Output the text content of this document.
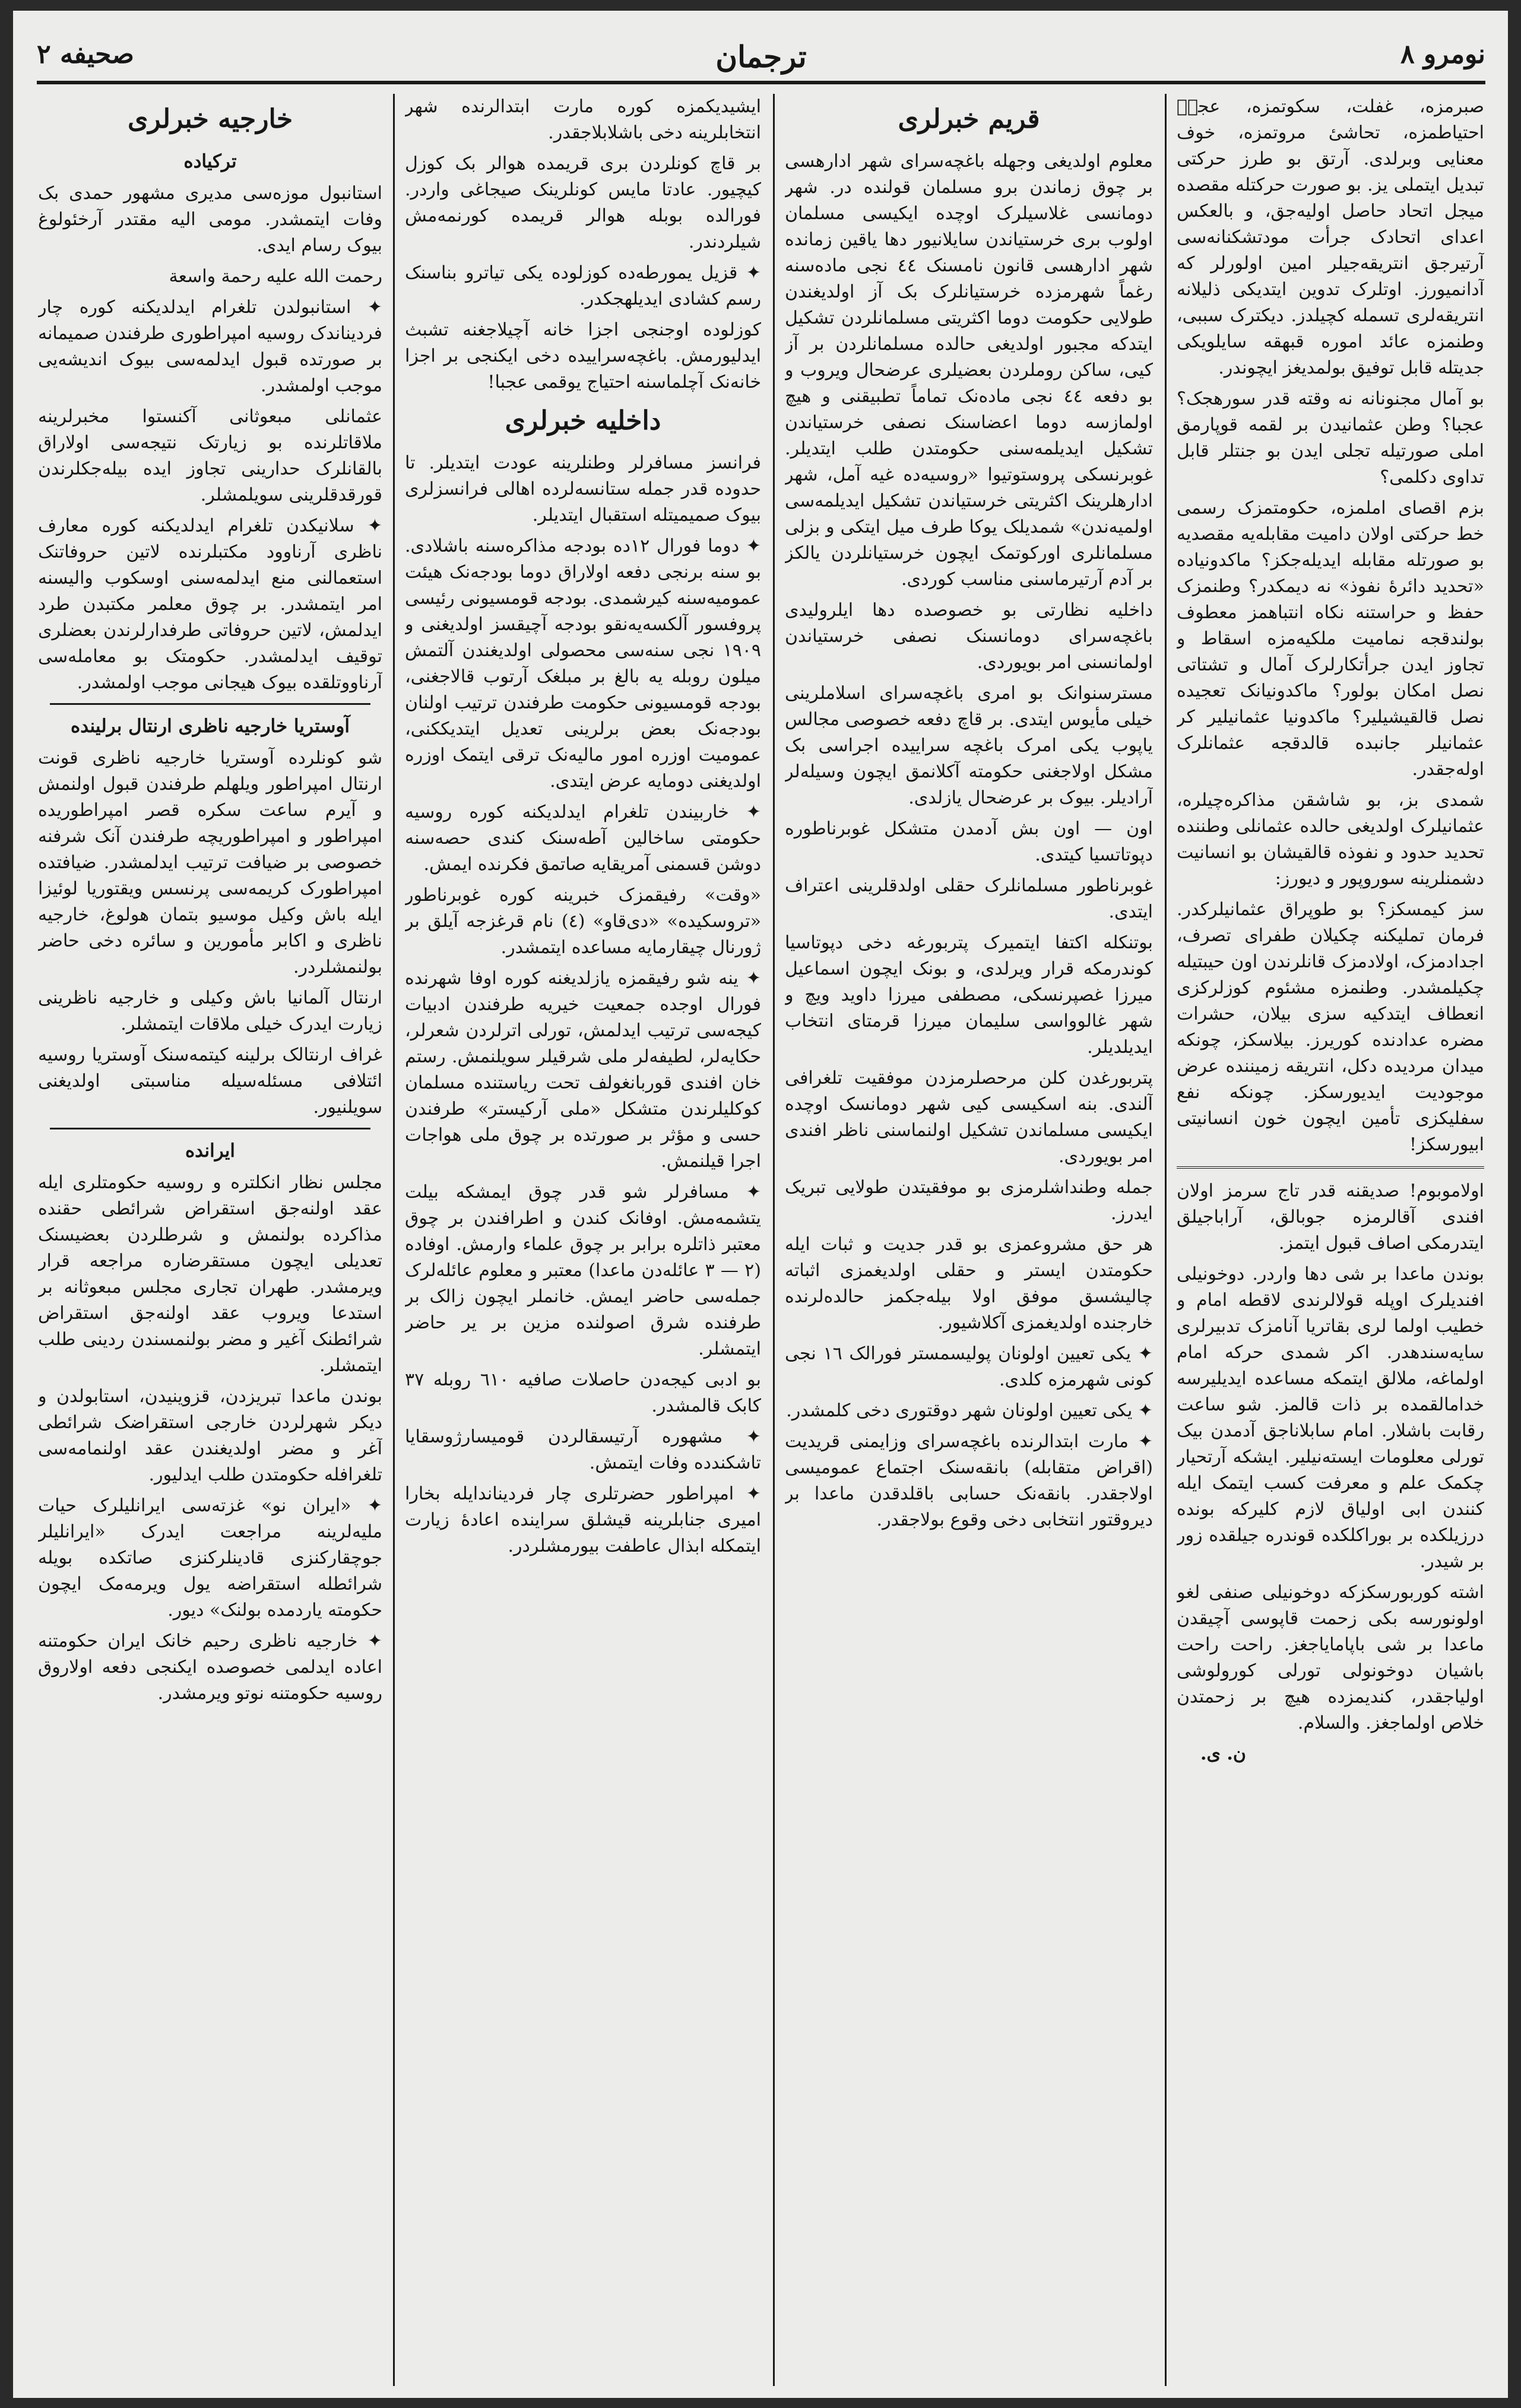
نومرو ۸
ترجمان
صحیفه ۲

صبرمزه، غفلت، سکوتمزه، عجزٖ احتیاطمزه، تحاشیٔ مروتمزه، خوف معنایی وبرلدی. آرتق بو طرز حرکتی تبدیل ایتملی یز. بو صورت حرکتله مقصده میجل اتحاد حاصل اولیه‌جق، و بالعکس اعدای اتحادک جرأت مودتشکنانه‌سی آرتیرجق انتریقه‌جیلر امین اولورلر که آدانمیورز. اوتلرک تدوین ایتدیکی ذلیلانه انتریقه‌لری تسمله کچیلدز. دیکترک سببی، وطنمزه عائد اموره قبهقه سایلویکی جدیتله قابل توفیق بولمدیغز ایچوندر.

بو آمال مجنونانه نه وقته قدر سورهجک؟ عجبا؟ وطن عثمانیدن بر لقمه قوپارمق املی صورتیله تجلی ایدن بو جنتلر قابل تداوی دکلمی؟

بزم اقصای املمزه، حکومتمزک رسمی خط حرکتی اولان دامیت مقابله‌یه مقصدیه بو صورتله مقابله ایدیله‌جکز؟ ماکدونیاده «تحدید دائرهٔ نفوذ» نه دیمکدر؟ وطنمزک حفظ و حراستنه نکاه انتباهمز معطوف بولندقجه نمامیت ملکیه‌مزه اسقاط و تجاوز ایدن جرأتکارلرک آمال و تشتاتی نصل امکان بولور؟ ماکدونیانک تعجیده نصل قالقیشیلیر؟ ماکدونیا عثمانیلیر کر عثمانیلر جانبده قالدقجه عثمانلرک اوله‌جقدر.

شمدی بز، بو شاشقن مذاکره‌چیلره، عثمانیلرک اولدیغی حالده عثمانلی وطننده تحدید حدود و نفوذه قالقیشان بو انسانیت دشمنلرینه سوروپور و دیورز:

سز کیمسکز؟ بو طوپراق عثمانیلرکدر. فرمان تملیکنه چکیلان طفرای تصرف، اجدادمزک، اولادمزک قانلرندن اون حیبتیله چکیلمشدر. وطنمزه مشئوم کوزلرکزی انعطاف ایتدکیه سزی بیلان، حشرات مضره عدادنده کوریرز. بیلاسکز، چونکه میدان مردیده دکل، انتریقه زمیننده عرض موجودیت ایدیورسکز. چونکه نفع سفلیکزی تأمین ایچون خون انسانیتی ابیورسکز!

اولاموبوم! صدیقنه قدر تاج سرمز اولان افندی آقالرمزه جوبالق، آراباجیلق ایتدرمکی اصاف قبول ایتمز.

بوندن ماعدا بر شی دها واردر. دوخونیلی افندیلرک اوپله قولالرندی لاقطه امام و خطیب اولما لری بقاتریا آنامزک تدبیرلری سایه‌سندهدر. اکر شمدی حرکه امام اولماغه، ملالق ایتمکه مساعده ایدیلیرسه خدامالقمده بر ذات قالمز. شو ساعت رقابت باشلار. امام سابلاناجق آدمدن بیک تورلی معلومات ایسته‌نیلیر. ایشکه آرتحیار چکمک علم و معرفت کسب ایتمک ایله کنندن ابی اولیاق لازم کلیرکه بونده درزیلکده بر بوراکلکده قوندره جیلقده زور بر شیدر.

اشته کوربورسکزکه دوخونیلی صنفی لغو اولونورسه بکی زحمت قاپوسی آچیقدن ماعدا بر شی باپامایاجغز. راحت راحت باشیان دوخونولی تورلی کورولوشی اولیاجقدر، کندیمزده هیچ بر زحمتدن خلاص اولماجغز. والسلام.

ن. ی.
قریم خبرلری

معلوم اولدیغی وجهله باغچه‌سرای شهر ادارهسی بر چوق زماندن برو مسلمان قولنده در. شهر دومانسی غلاسیلرک اوچده ایکیسی مسلمان اولوب بری خرستیاندن سایلانیور دها یاقین زمانده شهر ادارهسی قانون نامسنک ٤٤ نجی ماده‌سنه رغماً شهرمزده خرستیانلرک بک آز اولدیغندن طولایی حکومت دوما اکثریتی مسلمانلردن تشکیل ایتدکه مجبور اولدیغی حالده مسلمانلردن بر آز کیی، ساکن روملردن بعضیلری عرضحال ویروب و بو دفعه ٤٤ نجی ماده‌نک تماماً تطبیقنی و هیچ اولمازسه دوما اعضاسنک نصفی خرستیاندن تشکیل ایدیلمه‌سنی حکومتدن طلب ایتدیلر. غوبرنسکی پروستوتیوا «روسیه‌ده غیه‌ آمل، شهر ادارهلرینک اکثریتی خرستیاندن تشکیل ایدیلمه‌سی اولمیه‌ندن» شمدیلک یوکا طرف میل ایتکی و بزلی مسلمانلری اورکوتمک ایچون خرستیانلردن یالکز بر آدم آرتیرماسنی مناسب کوردی.

داخلیه نظارتی بو خصوصده دها ایلرولیدی باغچه‌سرای دومانسنک نصفی خرستیاندن اولمانسنی امر بویوردی.

مسترسنوانک بو امری باغچه‌سرای اسلاملرینی خیلی مأیوس ایتدی. بر قاچ دفعه خصوصی مجالس یاپوب یکی امرک باغچه سراییده اجراسی بک مشکل اولاجغنی حکومته آکلانمق ایچون وسیله‌لر آرادیلر. بیوک بر عرضحال یازلدی.

اون — اون بش آدمدن متشکل غوبرناطوره دپوتاتسیا کیتدی.

غوبرناطور مسلمانلرک حقلی اولدقلرینی اعتراف ایتدی.

بوتنکله اکتفا ایتمیرک پتربورغه دخی دپوتاسیا کوندرمکه قرار ویرلدی، و بونک ایچون اسماعیل میرزا غصپرنسکی، مصطفی میرزا داوید ویچ و شهر غالوواسی سلیمان میرزا قرمتای انتخاب ایدیلدیلر.

پتربورغدن کلن مرحصلرمزدن موفقیت تلغرافی آلندی. بنه اسکیسی کیی شهر دومانسک اوچده ایکیسی مسلماندن تشکیل اولنماسنی ناظر افندی امر بویوردی.

جمله وطنداشلرمزی بو موفقیتدن طولایی تبریک ایدرز.

هر حق مشروعمزی بو قدر جدیت و ثبات ایله حکومتدن ایستر و حقلی اولدیغمزی اثباته چالیشسق موفق اولا بیله‌جکمز حالده‌لرنده خارجنده اولدیغمزی آکلاشیور.

✦ یکی تعیین اولونان پولیسمستر فورالک ١٦ نجی کونی شهرمزه کلدی.

✦ یکی تعیین اولونان شهر دوقتوری دخی کلمشدر.

✦ مارت ابتدالرنده باغچه‌سرای وزایمنی قریدیت (اقراض متقابله) بانقه‌سنک اجتماع عمومیسی اولاجقدر. بانقه‌نک حسابی باقلدقدن ماعدا بر دیروقتور انتخابی دخی وقوع بولاجقدر.

ایشیدیکمزه کوره مارت ابتدالرنده شهر انتخابلرینه دخی باشلابلاجقدر.

بر قاچ کونلردن بری قریمده هوالر بک کوزل کیچیور. عادتا مایس کونلرینک صیجاغی واردر. فورالده بوبله هوالر قریمده کورنمه‌مش شیلردندر.

✦ قزیل یمورطه‌ده کوزلوده یکی تیاترو بناسنک رسم کشادی ایدیلهجکدر.

کوزلوده اوجنجی اجزا خانه آچیلاجغنه تشبث ایدلیورمش. باغچه‌سراییده دخی ایکنجی بر اجزا خانه‌نک آچلماسنه احتیاج یوقمی عجبا!

داخلیه خبرلری

فرانسز مسافرلر وطنلرینه عودت ایتدیلر. تا حدوده قدر جمله ستانسه‌لرده اهالی فرانسزلری بیوک صمیمیتله استقبال ایتدیلر.

✦ دوما فورال ١٢ده بودجه مذاکره‌سنه باشلادی. بو سنه برنجی دفعه اولاراق دوما بودجه‌نک هیئت عمومیه‌سنه کیرشمدی. بودجه قومسیونی رئیسی پروفسور آلکسه‌یه‌نقو بودجه آچیقسز اولدیغنی و ١٩٠٩ نجی سنه‌سی محصولی اولدیغندن آلتمش میلون روبله یه بالغ بر مبلغک آرتوب قالاجغنی، بودجه قومسیونی حکومت طرفندن ترتیب اولنان بودجه‌نک بعض برلرینی تعدیل ایتدیککنی، عمومیت اوزره امور مالیه‌نک ترقی ایتمک اوزره اولدیغنی دومایه عرض ایتدی.

✦ خاربیندن تلغرام ایدلدیکنه کوره روسیه حکومتی ساخالین آطه‌سنک کندی حصه‌سنه دوشن قسمنی آمریقایه صاتمق فکرنده ایمش.

«وقت» رفیقمزک خبرینه کوره غوبرناطور «تروسکیده» «دی‌قاو» (٤) نام قرغزجه آیلق بر ژورنال چیقارمایه مساعده ایتمشدر.

✦ ینه شو رفیقمزه یازلدیغنه کوره اوفا شهرنده فورال اوجده جمعیت خیریه طرفندن ادبیات کیجه‌سی ترتیب ایدلمش، تورلی اترلردن شعرلر، حکایه‌لر، لطیفه‌لر ملی شرقیلر سویلنمش. رستم خان افندی قوربانغولف تحت ریاستنده مسلمان کوکلیلرندن متشکل «ملی آرکیستر» طرفندن حسی و مؤثر بر صورتده بر چوق ملی هواجات اجرا قیلنمش.

✦ مسافرلر شو قدر چوق ایمشکه بیلت یتشمه‌مش. اوفانک کندن و اطرافندن بر چوق معتبر ذاتلره برابر بر چوق علماء وارمش. اوفاده (٢ — ٣ عائله‌دن ماعدا) معتبر و معلوم عائله‌لرک جمله‌سی حاضر ایمش. خانملر ایچون زالک بر طرفنده شرق اصولنده مزین بر یر حاضر ایتمشلر.

بو ادبی کیجه‌دن حاصلات صافیه ٦١٠ روبله ٣٧ کابک قالمشدر.

✦ مشهوره آرتیسقالردن قومیسارژوسقایا تاشکندده وفات ایتمش.

✦ امپراطور حضرتلری چار فردیناندایله بخارا امیری جنابلرینه قیشلق سراینده اعادهٔ زیارت ایتمکله ابذال عاطفت بیورمشلردر.

خارجیه خبرلری
ترکیاده

استانبول موزه‌سی مدیری مشهور حمدی بک وفات ایتمشدر. مومی الیه مقتدر آرخئولوغ بیوک رسام ایدی.

رحمت الله علیه رحمة واسعة

✦ استانبولدن تلغرام ایدلدیکنه کوره چار فردیناندک روسیه امپراطوری طرفندن صمیمانه بر صورتده قبول ایدلمه‌سی بیوک اندیشه‌یی موجب اولمشدر.

عثمانلی مبعوثانی آکنستوا مخبرلرینه ملاقاتلرنده بو زیارتک نتیجه‌سی اولاراق بالقانلرک حدارینی تجاوز ایده بیله‌جکلرندن قورقدقلرینی سویلمشلر.

✦ سلانیکدن تلغرام ایدلدیکنه کوره معارف ناظری آرناوود مکتبلرنده لاتین حروفاتنک استعمالنی منع ایدلمه‌سنی اوسکوب والیسنه امر ایتمشدر. بر چوق معلمر مکتبدن طرد ایدلمش، لاتین حروفاتی طرفدارلرندن بعضلری توقیف ایدلمشدر. حکومتک بو معامله‌سی آرناووتلقده بیوک هیجانی موجب اولمشدر.

آوستریا خارجیه ناظری ارنتال برلینده

شو کونلرده آوستریا خارجیه ناظری قونت ارنتال امپراطور ویلهلم طرفندن قبول اولنمش و آیرم ساعت سکره قصر امپراطوریده امپراطور و امپراطوریچه طرفندن آنک شرفنه خصوصی بر ضیافت ترتیب ایدلمشدر. ضیافتده امپراطورک کریمه‌سی پرنسس ویقتوریا لوئیزا ایله باش وکیل موسیو بتمان هولوغ، خارجیه ناظری و اکابر مأمورین و سائره دخی حاضر بولنمشلردر.

ارنتال آلمانیا باش وکیلی و خارجیه ناظرینی زیارت ایدرک خیلی ملاقات ایتمشلر.

غراف ارنتالک برلینه کیتمه‌سنک آوستریا روسیه ائتلافی مسئله‌سیله مناسبتی اولدیغنی سویلنیور.

ایرانده

مجلس نظار انکلتره و روسیه حکومتلری ایله عقد اولنه‌جق استقراض شرائطی حقنده مذاکرده بولنمش و شرطلردن بعضیسنک تعدیلی ایچون مستقرضاره مراجعه قرار ویرمشدر. طهران تجاری مجلس مبعوثانه بر استدعا ویروب عقد اولنه‌جق استقراض شرائطنک آغیر و مضر بولنمسندن ردینی طلب ایتمشلر.

بوندن ماعدا تبریزدن، قزوینیدن، استابولدن و دیکر شهرلردن خارجی استقراضک شرائطی آغر و مضر اولدیغندن عقد اولنمامه‌سی تلغرافله حکومتدن طلب ایدلیور.

✦ «ایران نو» غزته‌سی ایرانلیلرک حیات ملیه‌لرینه مراجعت ایدرک «ایرانلیلر جوچقارکنزی قادینلرکنزی صاتکده بویله شرائطله استقراضه یول ویرمه‌مک ایچون حکومته یاردمده بولنک» دیور.

✦ خارجیه ناظری رحیم خانک ایران حکومتنه اعاده ایدلمی خصوصده ایکنجی دفعه اولاروق روسیه حکومتنه نوتو ویرمشدر.
